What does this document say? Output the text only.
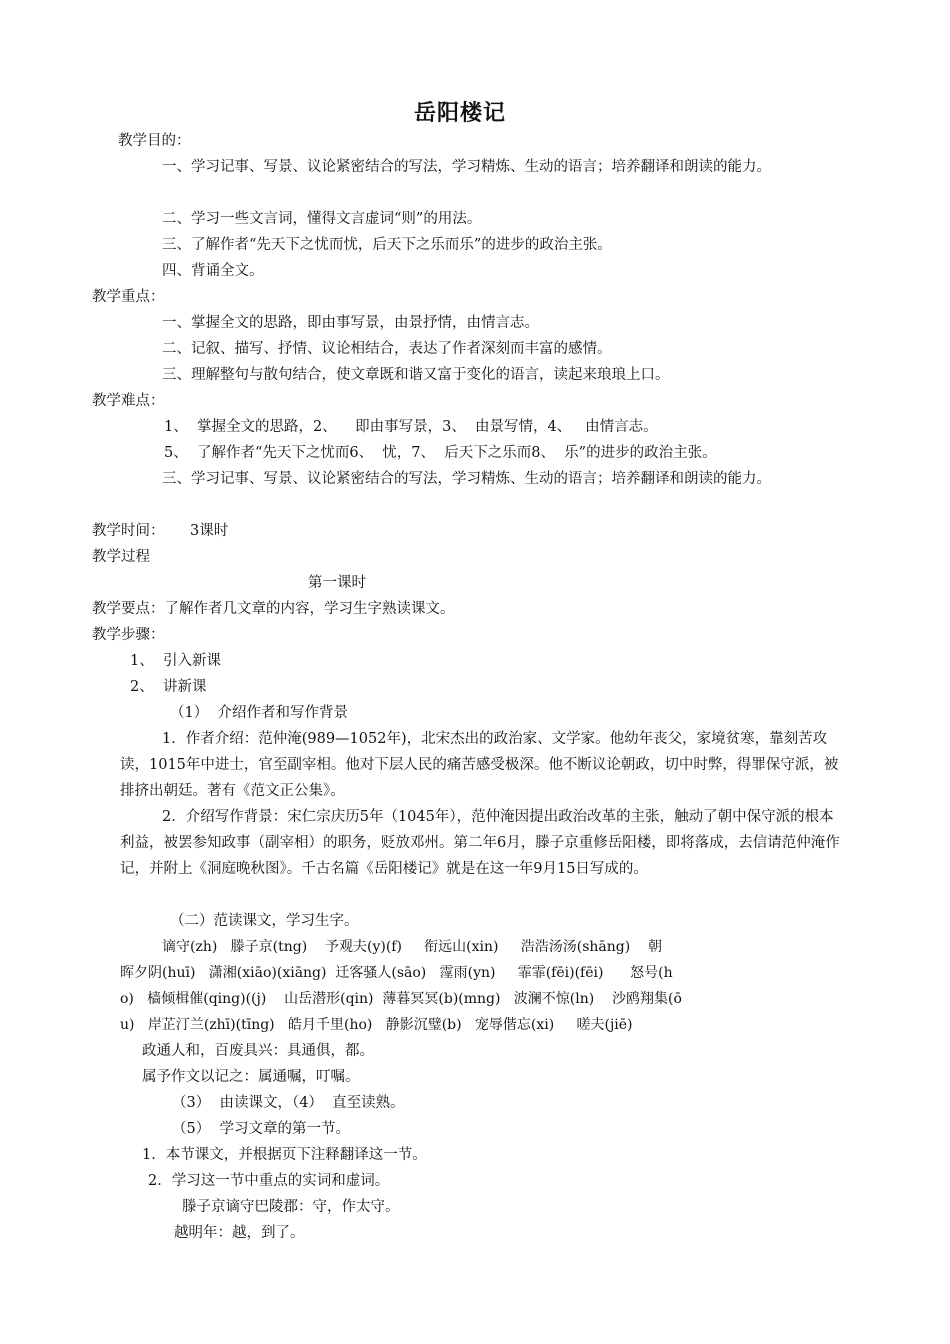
岳阳楼记
教学目的：
一、学习记事、写景、议论紧密结合的写法，学习精炼、生动的语言；培养翻译和朗读的能力。
二、学习一些文言词，懂得文言虚词“则”的用法。
三、了解作者“先天下之忧而忧，后天下之乐而乐”的进步的政治主张。
四、背诵全文。
教学重点：
一、掌握全文的思路，即由事写景，由景抒情，由情言志。
二、记叙、描写、抒情、议论相结合，表达了作者深刻而丰富的感情。
三、理解整句与散句结合，使文章既和谐又富于变化的语言，读起来琅琅上口。
教学难点：
1、  掌握全文的思路，2、    即由事写景，3、  由景写情，4、   由情言志。
5、  了解作者“先天下之忧而6、  忧，7、  后天下之乐而8、  乐”的进步的政治主张。
三、学习记事、写景、议论紧密结合的写法，学习精炼、生动的语言；培养翻译和朗读的能力。
教学时间： 3课时
教学过程
第一课时
教学要点：了解作者几文章的内容，学习生字熟读课文。
教学步骤：
1、  引入新课
2、  讲新课
（1）  介绍作者和写作背景
1．作者介绍：范仲淹(989—1052年)，北宋杰出的政治家、文学家。他幼年丧父，家境贫寒，靠刻苦攻读，1015年中进士，官至副宰相。他对下层人民的痛苦感受极深。他不断议论朝政，切中时弊，得罪保守派，被排挤出朝廷。著有《范文正公集》。
2．介绍写作背景：宋仁宗庆历5年（1045年），范仲淹因提出政治改革的主张，触动了朝中保守派的根本利益，被罢参知政事（副宰相）的职务，贬放邓州。第二年6月，滕子京重修岳阳楼，即将落成，去信请范仲淹作记，并附上《洞庭晚秋图》。千古名篇《岳阳楼记》就是在这一年9月15日写成的。
（二）范读课文，学习生字。
谪守(zh)   滕子京(tng)    予观夫(y)(f)     衔远山(xin)     浩浩汤汤(shāng)    朝
晖夕阴(huī)   潇湘(xiāo)(xiāng)  迁客骚人(sāo)   霪雨(yn)     霏霏(fēi)(fēi)      怒号(h
o)   樯倾楫催(qing)((j)    山岳潜形(qin)  薄暮冥冥(b)(mng)   波澜不惊(ln)    沙鸥翔集(ō
u)   岸芷汀兰(zhī)(tīng)   皓月千里(ho)   静影沉璧(b)   宠辱偕忘(xi)     嗟夫(jiē)
政通人和，百废具兴：具通俱，都。
属予作文以记之：属通嘱，叮嘱。
（3）  由读课文，（4）  直至读熟。
（5）  学习文章的第一节。
1．本节课文，并根据页下注释翻译这一节。
2．学习这一节中重点的实词和虚词。
滕子京谪守巴陵郡：守，作太守。
越明年：越，到了。
